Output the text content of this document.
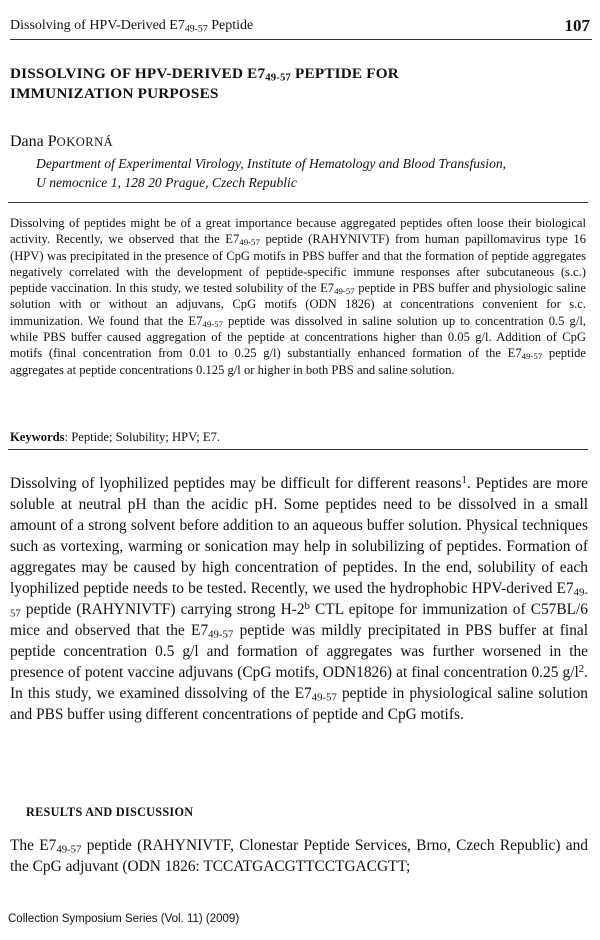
Dissolving of HPV-Derived $E7_{49-57}$ Peptide	107
DISSOLVING OF HPV-DERIVED $E7_{49-57}$ PEPTIDE FOR
IMMUNIZATION PURPOSES
Dana POKORNÁ
Department of Experimental Virology, Institute of Hematology and Blood Transfusion,
U nemocnice 1, 128 20 Prague, Czech Republic

Dissolving of peptides might be of a great importance because aggregated peptides often loose their biological activity. Recently, we observed that the $E7_{49-57}$ peptide (RAHYNIVTF) from human papillomavirus type 16 (HPV) was precipitated in the presence of CpG motifs in PBS buffer and that the formation of peptide aggregates negatively correlated with the development of peptide-specific immune responses after subcutaneous (s.c.) peptide vaccination. In this study, we tested solubility of the $E7_{49-57}$ peptide in PBS buffer and physiologic saline solution with or without an adjuvans, CpG motifs (ODN 1826) at concentrations convenient for s.c. immunization. We found that the $E7_{49-57}$ peptide was dissolved in saline solution up to concentration 0.5 g/l, while PBS buffer caused aggregation of the peptide at concentrations higher than 0.05 g/l. Addition of CpG motifs (final concentration from 0.01 to 0.25 g/l) substantially enhanced formation of the $E7_{49-57}$ peptide aggregates at peptide concentrations 0.125 g/l or higher in both PBS and saline solution.

Keywords: Peptide; Solubility; HPV; E7.

Dissolving of lyophilized peptides may be difficult for different reasons$^1$. Peptides are more soluble at neutral pH than the acidic pH. Some peptides need to be dissolved in a small amount of a strong solvent before addition to an aqueous buffer solution. Physical techniques such as vortexing, warming or sonication may help in solubilizing of peptides. Formation of aggregates may be caused by high concentration of peptides. In the end, solubility of each lyophilized peptide needs to be tested. Recently, we used the hydrophobic HPV-derived $E7_{49-57}$ peptide (RAHYNIVTF) carrying strong H-2$^b$ CTL epitope for immunization of C57BL/6 mice and observed that the $E7_{49-57}$ peptide was mildly precipitated in PBS buffer at final peptide concentration 0.5 g/l and formation of aggregates was further worsened in the presence of potent vaccine adjuvans (CpG motifs, ODN1826) at final concentration 0.25 $g/l^2$. In this study, we examined dissolving of the $E7_{49-57}$ peptide in physiological saline solution and PBS buffer using different concentrations of peptide and CpG motifs.

RESULTS AND DISCUSSION

The $E7_{49-57}$ peptide (RAHYNIVTF, Clonestar Peptide Services, Brno, Czech Republic) and the CpG adjuvant (ODN 1826: TCCATGACGTTCCTGACGTT;

Collection Symposium Series (Vol. 11) (2009)
